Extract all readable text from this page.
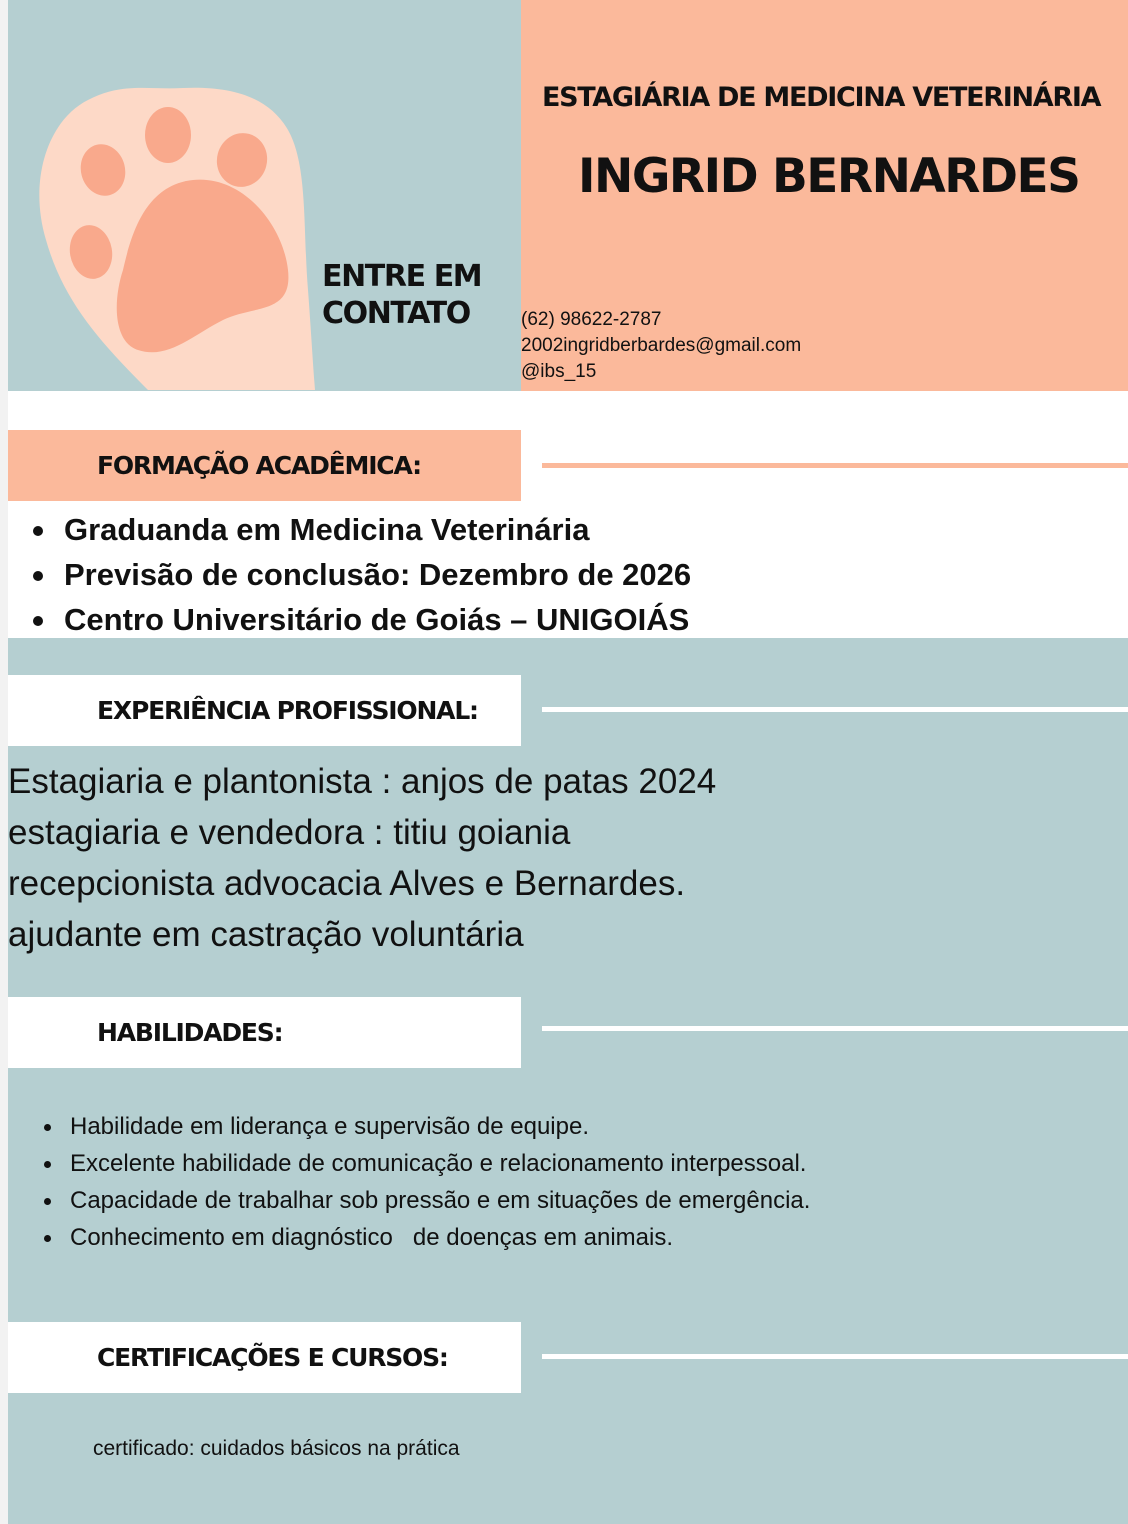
ESTAGIÁRIA DE MEDICINA VETERINÁRIA
INGRID BERNARDES
ENTRE EM
CONTATO	(62) 98622-2787
2002ingridberbardes@gmail.com
@ibs_15
FORMAÇÃO ACADÊMICA:
Graduanda em Medicina Veterinária
Previsão de conclusão: Dezembro de 2026
Centro Universitário de Goiás – UNIGOIÁS
EXPERIÊNCIA PROFISSIONAL:
Estagiaria e plantonista : anjos de patas 2024
estagiaria e vendedora : titiu goiania
recepcionista advocacia Alves e Bernardes.
ajudante em castração voluntária
HABILIDADES:
Habilidade em liderança e supervisão de equipe.
Excelente habilidade de comunicação e relacionamento interpessoal.
Capacidade de trabalhar sob pressão e em situações de emergência.
Conhecimento em diagnóstico   de doenças em animais.
CERTIFICAÇÕES E CURSOS:
certificado: cuidados básicos na prática
